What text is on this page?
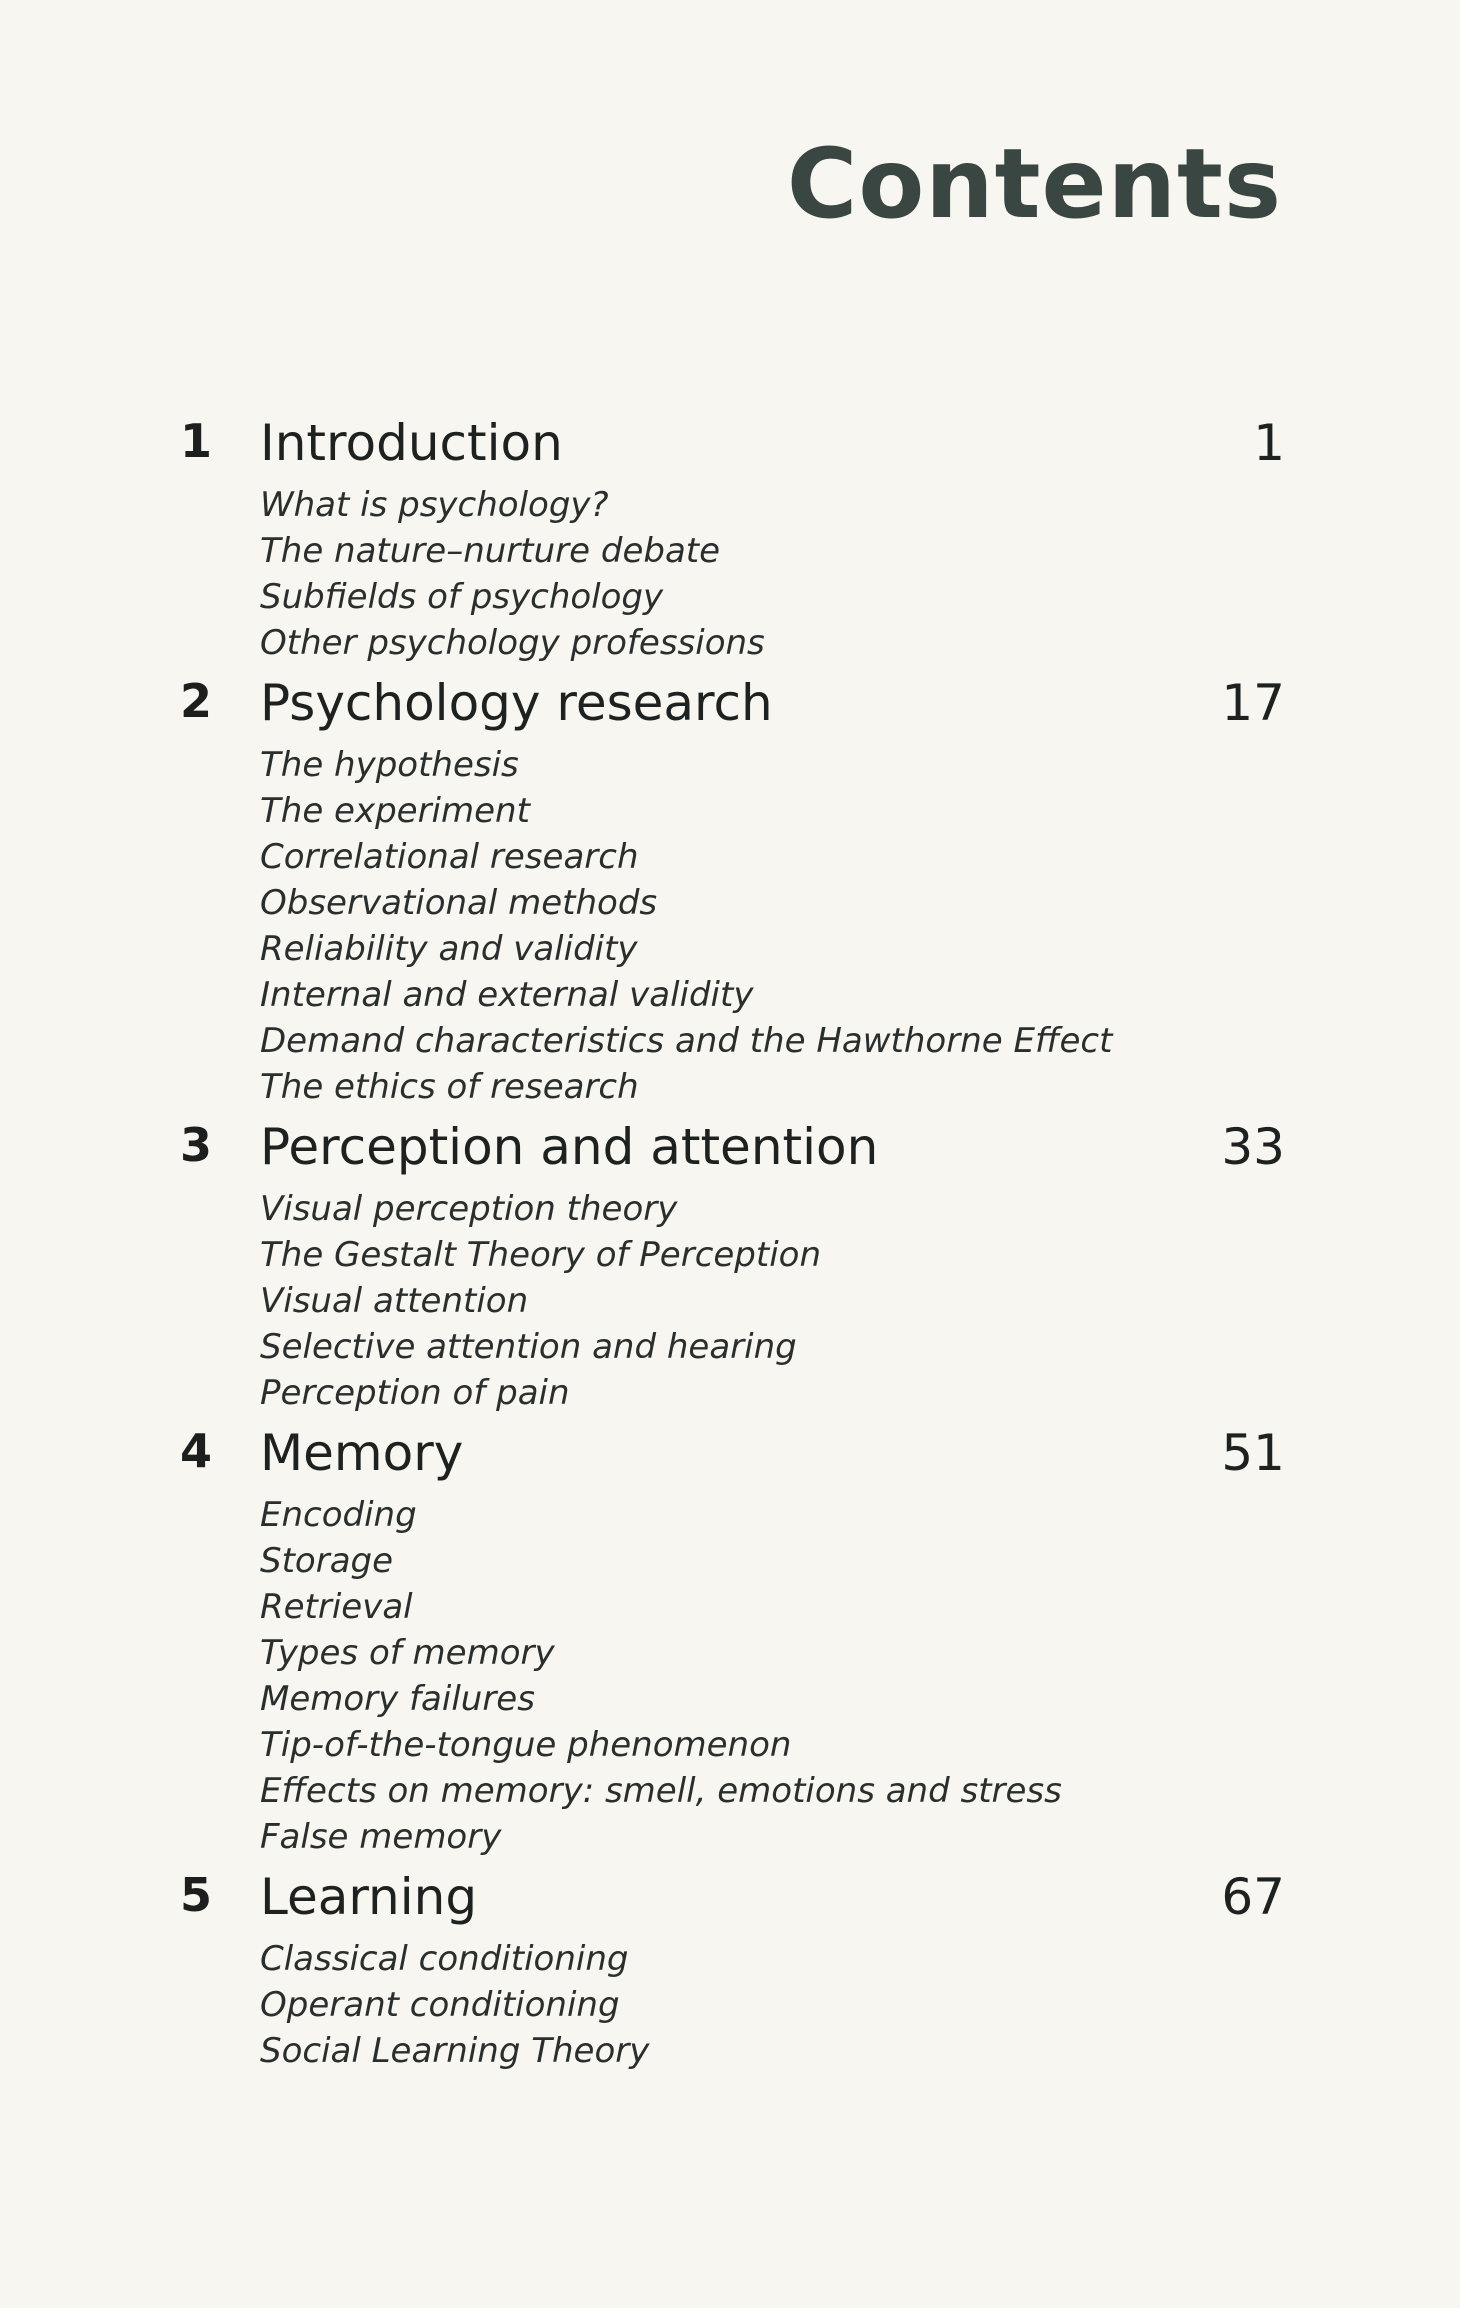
Contents
1 Introduction	1
What is psychology?
The nature–nurture debate
Subfields of psychology
Other psychology professions
2 Psychology research	17
The hypothesis
The experiment
Correlational research
Observational methods
Reliability and validity
Internal and external validity
Demand characteristics and the Hawthorne Effect
The ethics of research
3 Perception and attention	33
Visual perception theory
The Gestalt Theory of Perception
Visual attention
Selective attention and hearing
Perception of pain
4 Memory	51
Encoding
Storage
Retrieval
Types of memory
Memory failures
Tip-of-the-tongue phenomenon
Effects on memory: smell, emotions and stress
False memory
5 Learning	67
Classical conditioning
Operant conditioning
Social Learning Theory
